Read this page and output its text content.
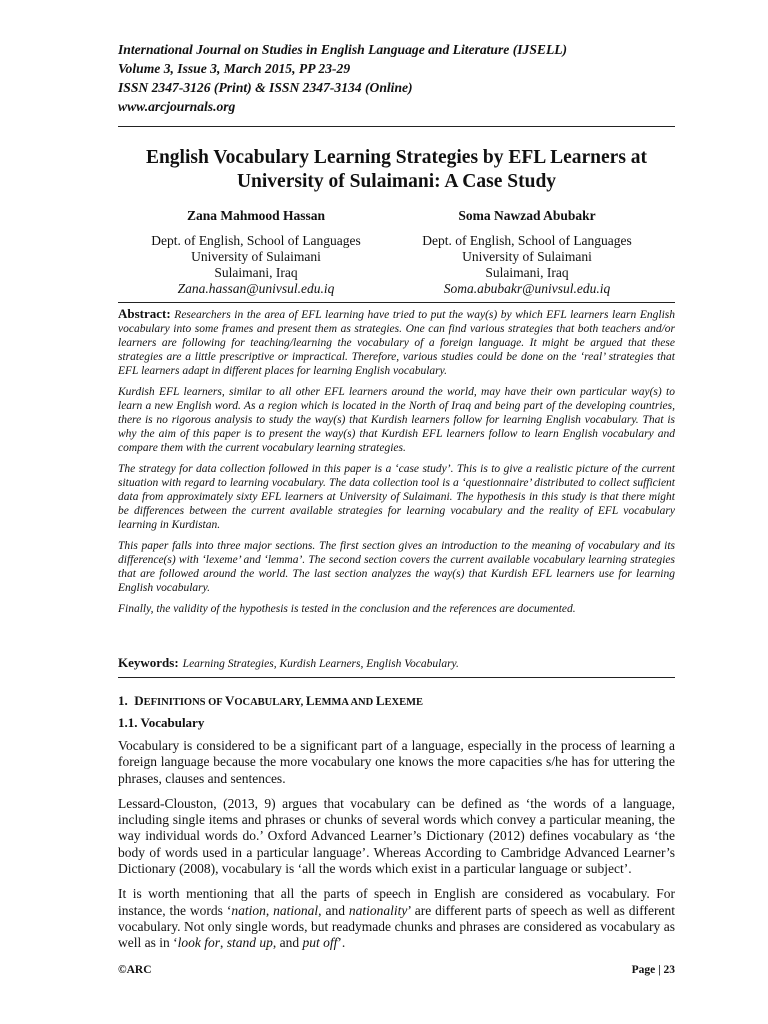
International Journal on Studies in English Language and Literature (IJSELL)
Volume 3, Issue 3, March 2015, PP 23-29
ISSN 2347-3126 (Print) & ISSN 2347-3134 (Online)
www.arcjournals.org
English Vocabulary Learning Strategies by EFL Learners at
University of Sulaimani: A Case Study
Zana Mahmood Hassan
Dept. of English, School of Languages
University of Sulaimani
Sulaimani, Iraq
Zana.hassan@univsul.edu.iq
Soma Nawzad Abubakr
Dept. of English, School of Languages
University of Sulaimani
Sulaimani, Iraq
Soma.abubakr@univsul.edu.iq

Abstract: Researchers in the area of EFL learning have tried to put the way(s) by which EFL learners learn English vocabulary into some frames and present them as strategies. One can find various strategies that both teachers and/or learners are following for teaching/learning the vocabulary of a foreign language. It might be argued that these strategies are a little prescriptive or impractical. Therefore, various studies could be done on the ‘real’ strategies that EFL learners adapt in different places for learning English vocabulary.

Kurdish EFL learners, similar to all other EFL learners around the world, may have their own particular way(s) to learn a new English word. As a region which is located in the North of Iraq and being part of the developing countries, there is no rigorous analysis to study the way(s) that Kurdish learners follow for learning English vocabulary. That is why the aim of this paper is to present the way(s) that Kurdish EFL learners follow to learn English vocabulary and compare them with the current vocabulary learning strategies.

The strategy for data collection followed in this paper is a ‘case study’. This is to give a realistic picture of the current situation with regard to learning vocabulary. The data collection tool is a ‘questionnaire’ distributed to collect sufficient data from approximately sixty EFL learners at University of Sulaimani. The hypothesis in this study is that there might be differences between the current available strategies for learning vocabulary and the reality of EFL vocabulary learning in Kurdistan.

This paper falls into three major sections. The first section gives an introduction to the meaning of vocabulary and its difference(s) with ‘lexeme’ and ‘lemma’. The second section covers the current available vocabulary learning strategies that are followed around the world. The last section analyzes the way(s) that Kurdish EFL learners use for learning English vocabulary.

Finally, the validity of the hypothesis is tested in the conclusion and the references are documented.

Keywords: Learning Strategies, Kurdish Learners, English Vocabulary.
1. DEFINITIONS OF VOCABULARY, LEMMA AND LEXEME
1.1. Vocabulary

Vocabulary is considered to be a significant part of a language, especially in the process of learning a foreign language because the more vocabulary one knows the more capacities s/he has for uttering the phrases, clauses and sentences.

Lessard-Clouston, (2013, 9) argues that vocabulary can be defined as ‘the words of a language, including single items and phrases or chunks of several words which convey a particular meaning, the way individual words do.’ Oxford Advanced Learner’s Dictionary (2012) defines vocabulary as ‘the body of words used in a particular language’. Whereas According to Cambridge Advanced Learner’s Dictionary (2008), vocabulary is ‘all the words which exist in a particular language or subject’.

It is worth mentioning that all the parts of speech in English are considered as vocabulary. For instance, the words ‘nation, national, and nationality’ are different parts of speech as well as different vocabulary. Not only single words, but readymade chunks and phrases are considered as vocabulary as well as in ‘look for, stand up, and put off’.

©ARC	Page | 23
